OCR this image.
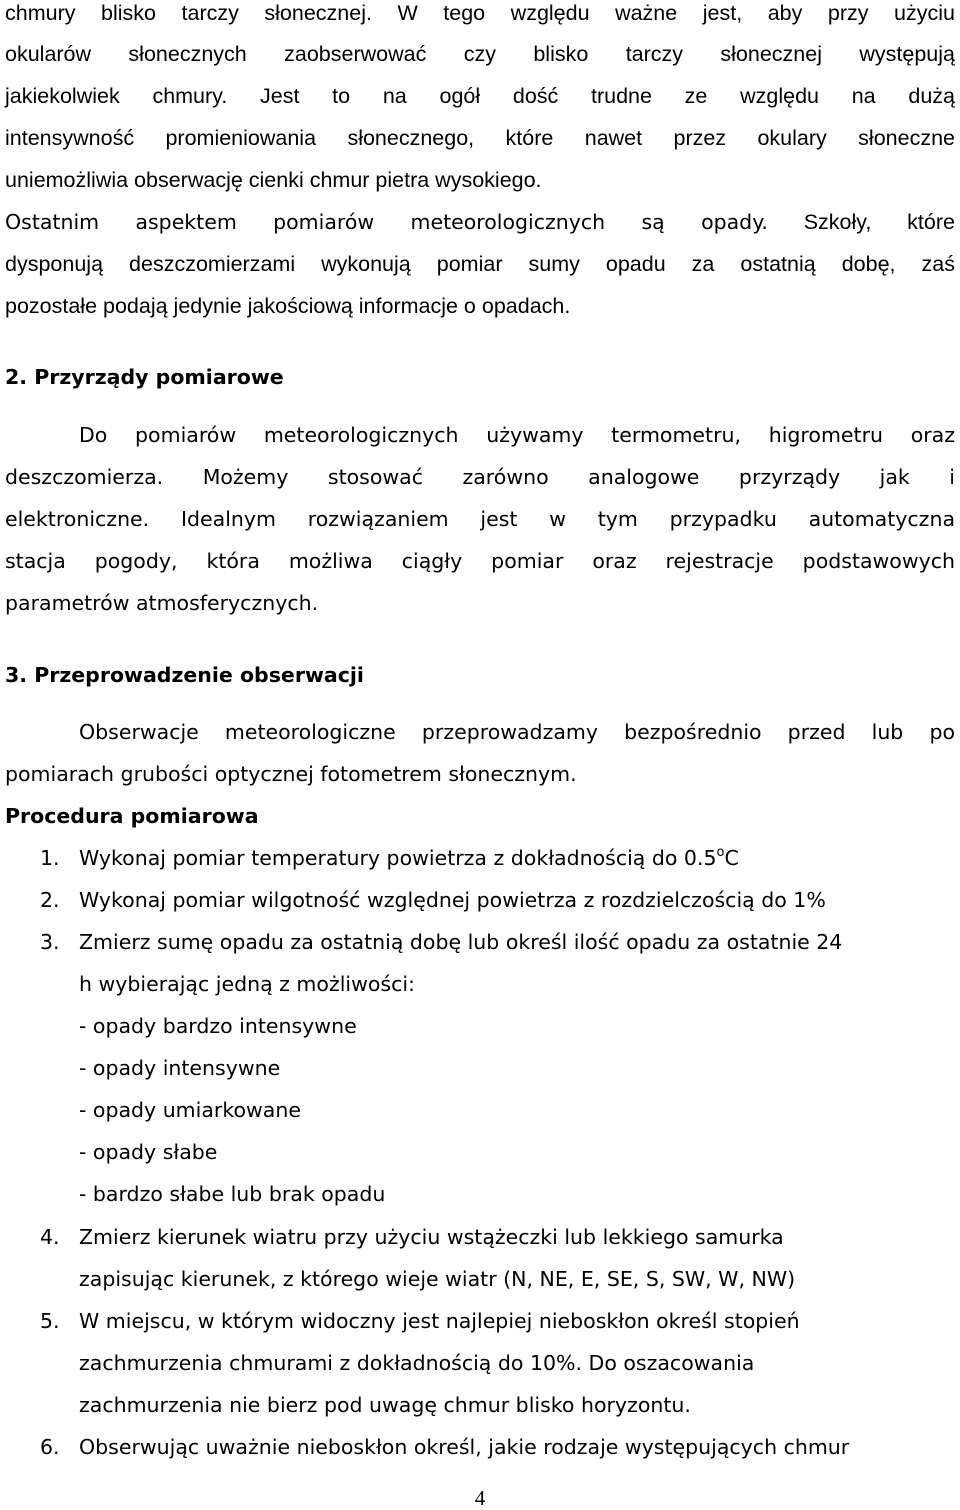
chmury blisko tarczy słonecznej. W tego względu ważne jest, aby przy użyciu
okularów słonecznych zaobserwować czy blisko tarczy słonecznej występują
jakiekolwiek chmury. Jest to na ogół dość trudne ze względu na dużą
intensywność promieniowania słonecznego, które nawet przez okulary słoneczne
uniemożliwia obserwację cienki chmur pietra wysokiego.
Ostatnim aspektem pomiarów meteorologicznych są opady. Szkoły, które
dysponują deszczomierzami wykonują pomiar sumy opadu za ostatnią dobę, zaś
pozostałe podają jedynie jakościową informacje o opadach.
2. Przyrządy pomiarowe
Do pomiarów meteorologicznych używamy termometru, higrometru oraz
deszczomierza. Możemy stosować zarówno analogowe przyrządy jak i
elektroniczne. Idealnym rozwiązaniem jest w tym przypadku automatyczna
stacja pogody, która możliwa ciągły pomiar oraz rejestracje podstawowych
parametrów atmosferycznych.
3. Przeprowadzenie obserwacji
Obserwacje meteorologiczne przeprowadzamy bezpośrednio przed lub po
pomiarach grubości optycznej fotometrem słonecznym.
Procedura pomiarowa
1. Wykonaj pomiar temperatury powietrza z dokładnością do 0.5$^o$C
2. Wykonaj pomiar wilgotność względnej powietrza z rozdzielczością do 1%
3. Zmierz sumę opadu za ostatnią dobę lub określ ilość opadu za ostatnie 24
h wybierając jedną z możliwości:
- opady bardzo intensywne
- opady intensywne
- opady umiarkowane
- opady słabe
- bardzo słabe lub brak opadu
4. Zmierz kierunek wiatru przy użyciu wstążeczki lub lekkiego samurka
zapisując kierunek, z którego wieje wiatr (N, NE, E, SE, S, SW, W, NW)
5. W miejscu, w którym widoczny jest najlepiej nieboskłon określ stopień
zachmurzenia chmurami z dokładnością do 10%. Do oszacowania
zachmurzenia nie bierz pod uwagę chmur blisko horyzontu.
6. Obserwując uważnie nieboskłon określ, jakie rodzaje występujących chmur
4
